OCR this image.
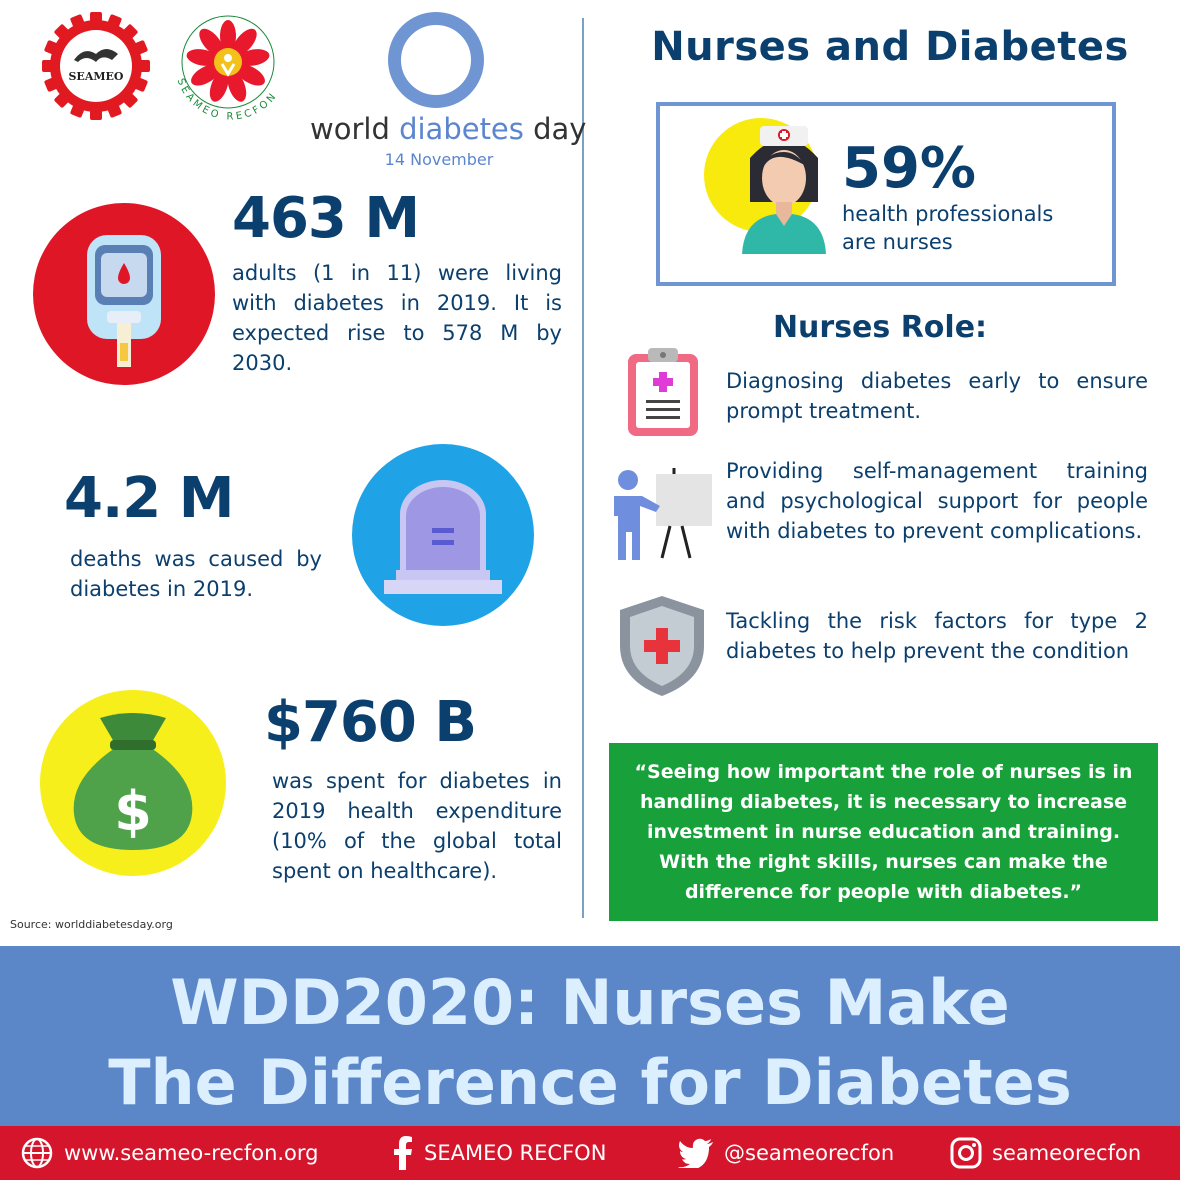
SEAMEO
SEAMEO RECFON
world diabetes day
14 November
463 M
adults (1 in 11) were living with diabetes in 2019. It is expected rise to 578 M by 2030.
4.2 M
deaths was caused by diabetes in 2019.
$
$760 B
was spent for diabetes in 2019 health expenditure (10% of the global total spent on healthcare).
Source: worlddiabetesday.org
Nurses and Diabetes
59%
health professionals
are nurses
Nurses Role:
Diagnosing diabetes early to ensure prompt treatment.
Providing self-management training and psychological support for people with diabetes to prevent complications.
Tackling the risk factors for type 2 diabetes to help prevent the condition
“Seeing how important the role of nurses is in handling diabetes, it is necessary to increase investment in nurse education and training. With the right skills, nurses can make the difference for people with diabetes.”
WDD2020: Nurses Make
The Difference for Diabetes
www.seameo-recfon.org	SEAMEO RECFON	@seameorecfon	seameorecfon
